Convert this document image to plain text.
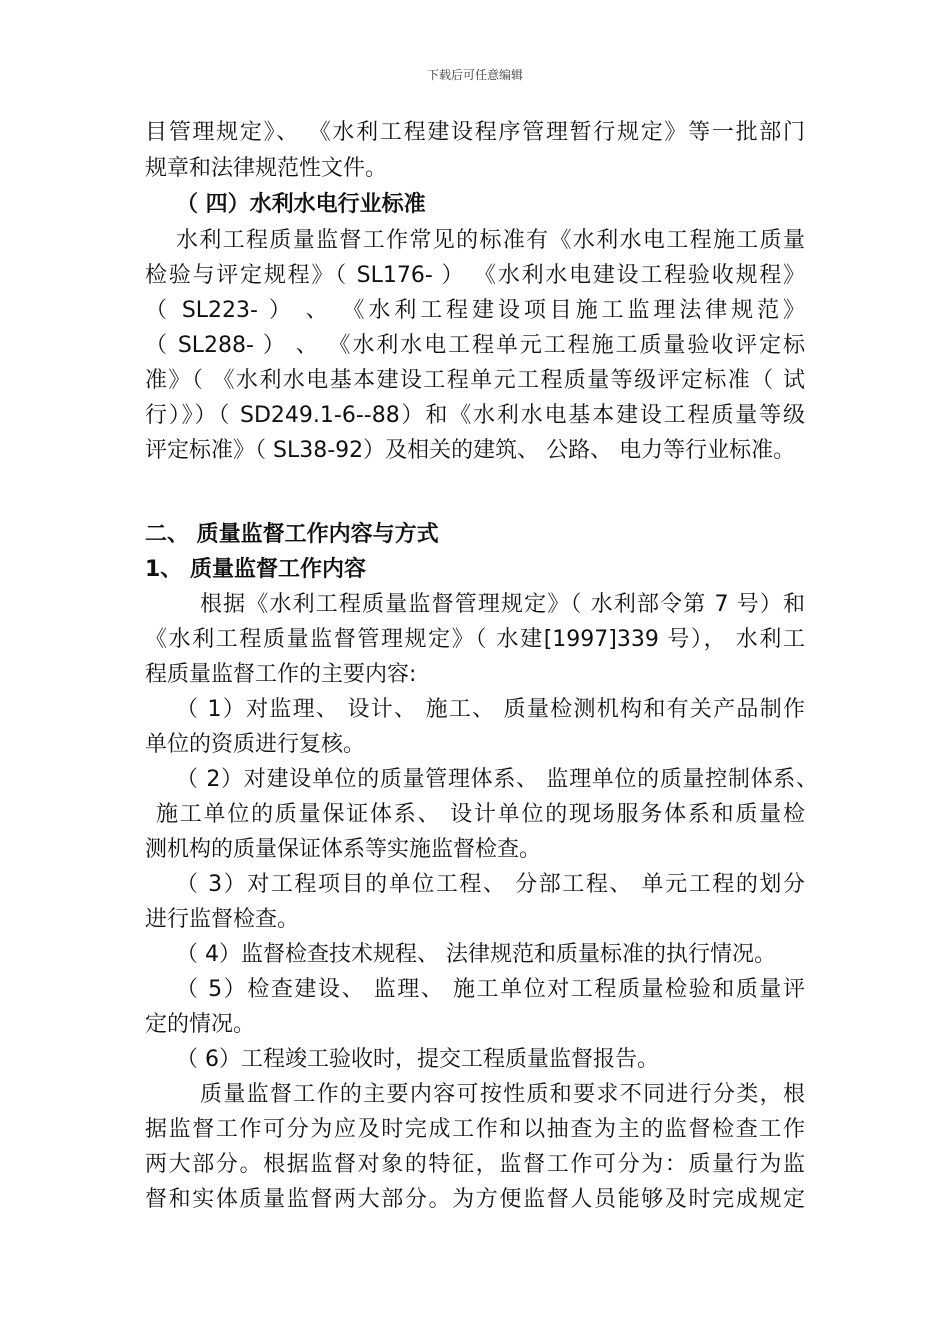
下载后可任意编辑
目管理规定》、 《水利工程建设程序管理暂行规定》等一批部门
规章和法律规范性文件。
（ 四）水利水电行业标准
水利工程质量监督工作常见的标准有《水利水电工程施工质量
检验与评定规程》（ SL176- ） 《水利水电建设工程验收规程》
（ SL223- ） 、 《水利工程建设项目施工监理法律规范》
（ SL288- ） 、 《水利水电工程单元工程施工质量验收评定标
准》（ 《水利水电基本建设工程单元工程质量等级评定标准（ 试
行）》）（ SD249.1-6--88）和《水利水电基本建设工程质量等级
评定标准》（ SL38-92）及相关的建筑、 公路、 电力等行业标准。
二、 质量监督工作内容与方式
1、 质量监督工作内容
根据《水利工程质量监督管理规定》（ 水利部令第 7 号）和
《水利工程质量监督管理规定》（ 水建[1997]339 号）， 水利工
程质量监督工作的主要内容:
（ 1）对监理、 设计、 施工、 质量检测机构和有关产品制作
单位的资质进行复核。
（ 2）对建设单位的质量管理体系、 监理单位的质量控制体系、
施工单位的质量保证体系、 设计单位的现场服务体系和质量检
测机构的质量保证体系等实施监督检查。
（ 3）对工程项目的单位工程、 分部工程、 单元工程的划分
进行监督检查。
（ 4）监督检查技术规程、 法律规范和质量标准的执行情况。
（ 5）检查建设、 监理、 施工单位对工程质量检验和质量评
定的情况。
（ 6）工程竣工验收时，提交工程质量监督报告。
质量监督工作的主要内容可按性质和要求不同进行分类，根
据监督工作可分为应及时完成工作和以抽查为主的监督检查工作
两大部分。根据监督对象的特征，监督工作可分为：质量行为监
督和实体质量监督两大部分。为方便监督人员能够及时完成规定
